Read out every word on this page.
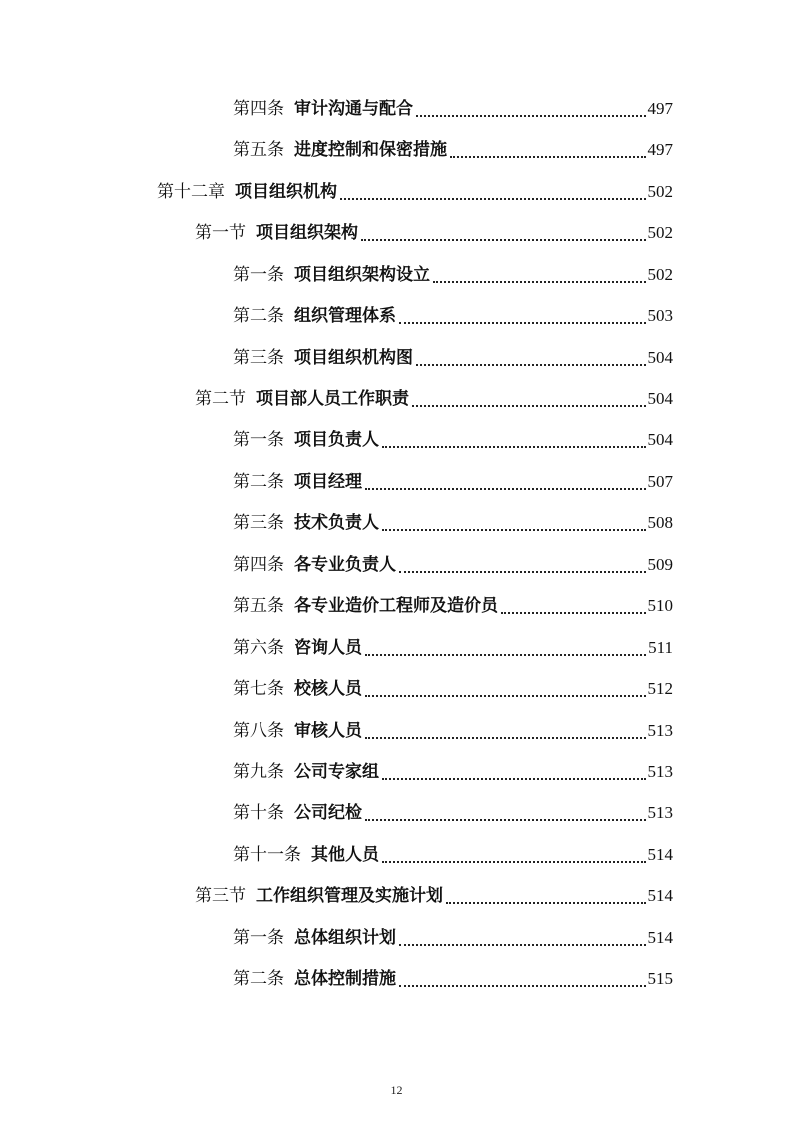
第四条 审计沟通与配合	497
第五条 进度控制和保密措施	497
第十二章 项目组织机构	502
第一节 项目组织架构	502
第一条 项目组织架构设立	502
第二条 组织管理体系	503
第三条 项目组织机构图	504
第二节 项目部人员工作职责	504
第一条 项目负责人	504
第二条 项目经理	507
第三条 技术负责人	508
第四条 各专业负责人	509
第五条 各专业造价工程师及造价员	510
第六条 咨询人员	511
第七条 校核人员	512
第八条 审核人员	513
第九条 公司专家组	513
第十条 公司纪检	513
第十一条 其他人员	514
第三节 工作组织管理及实施计划	514
第一条 总体组织计划	514
第二条 总体控制措施	515
12
